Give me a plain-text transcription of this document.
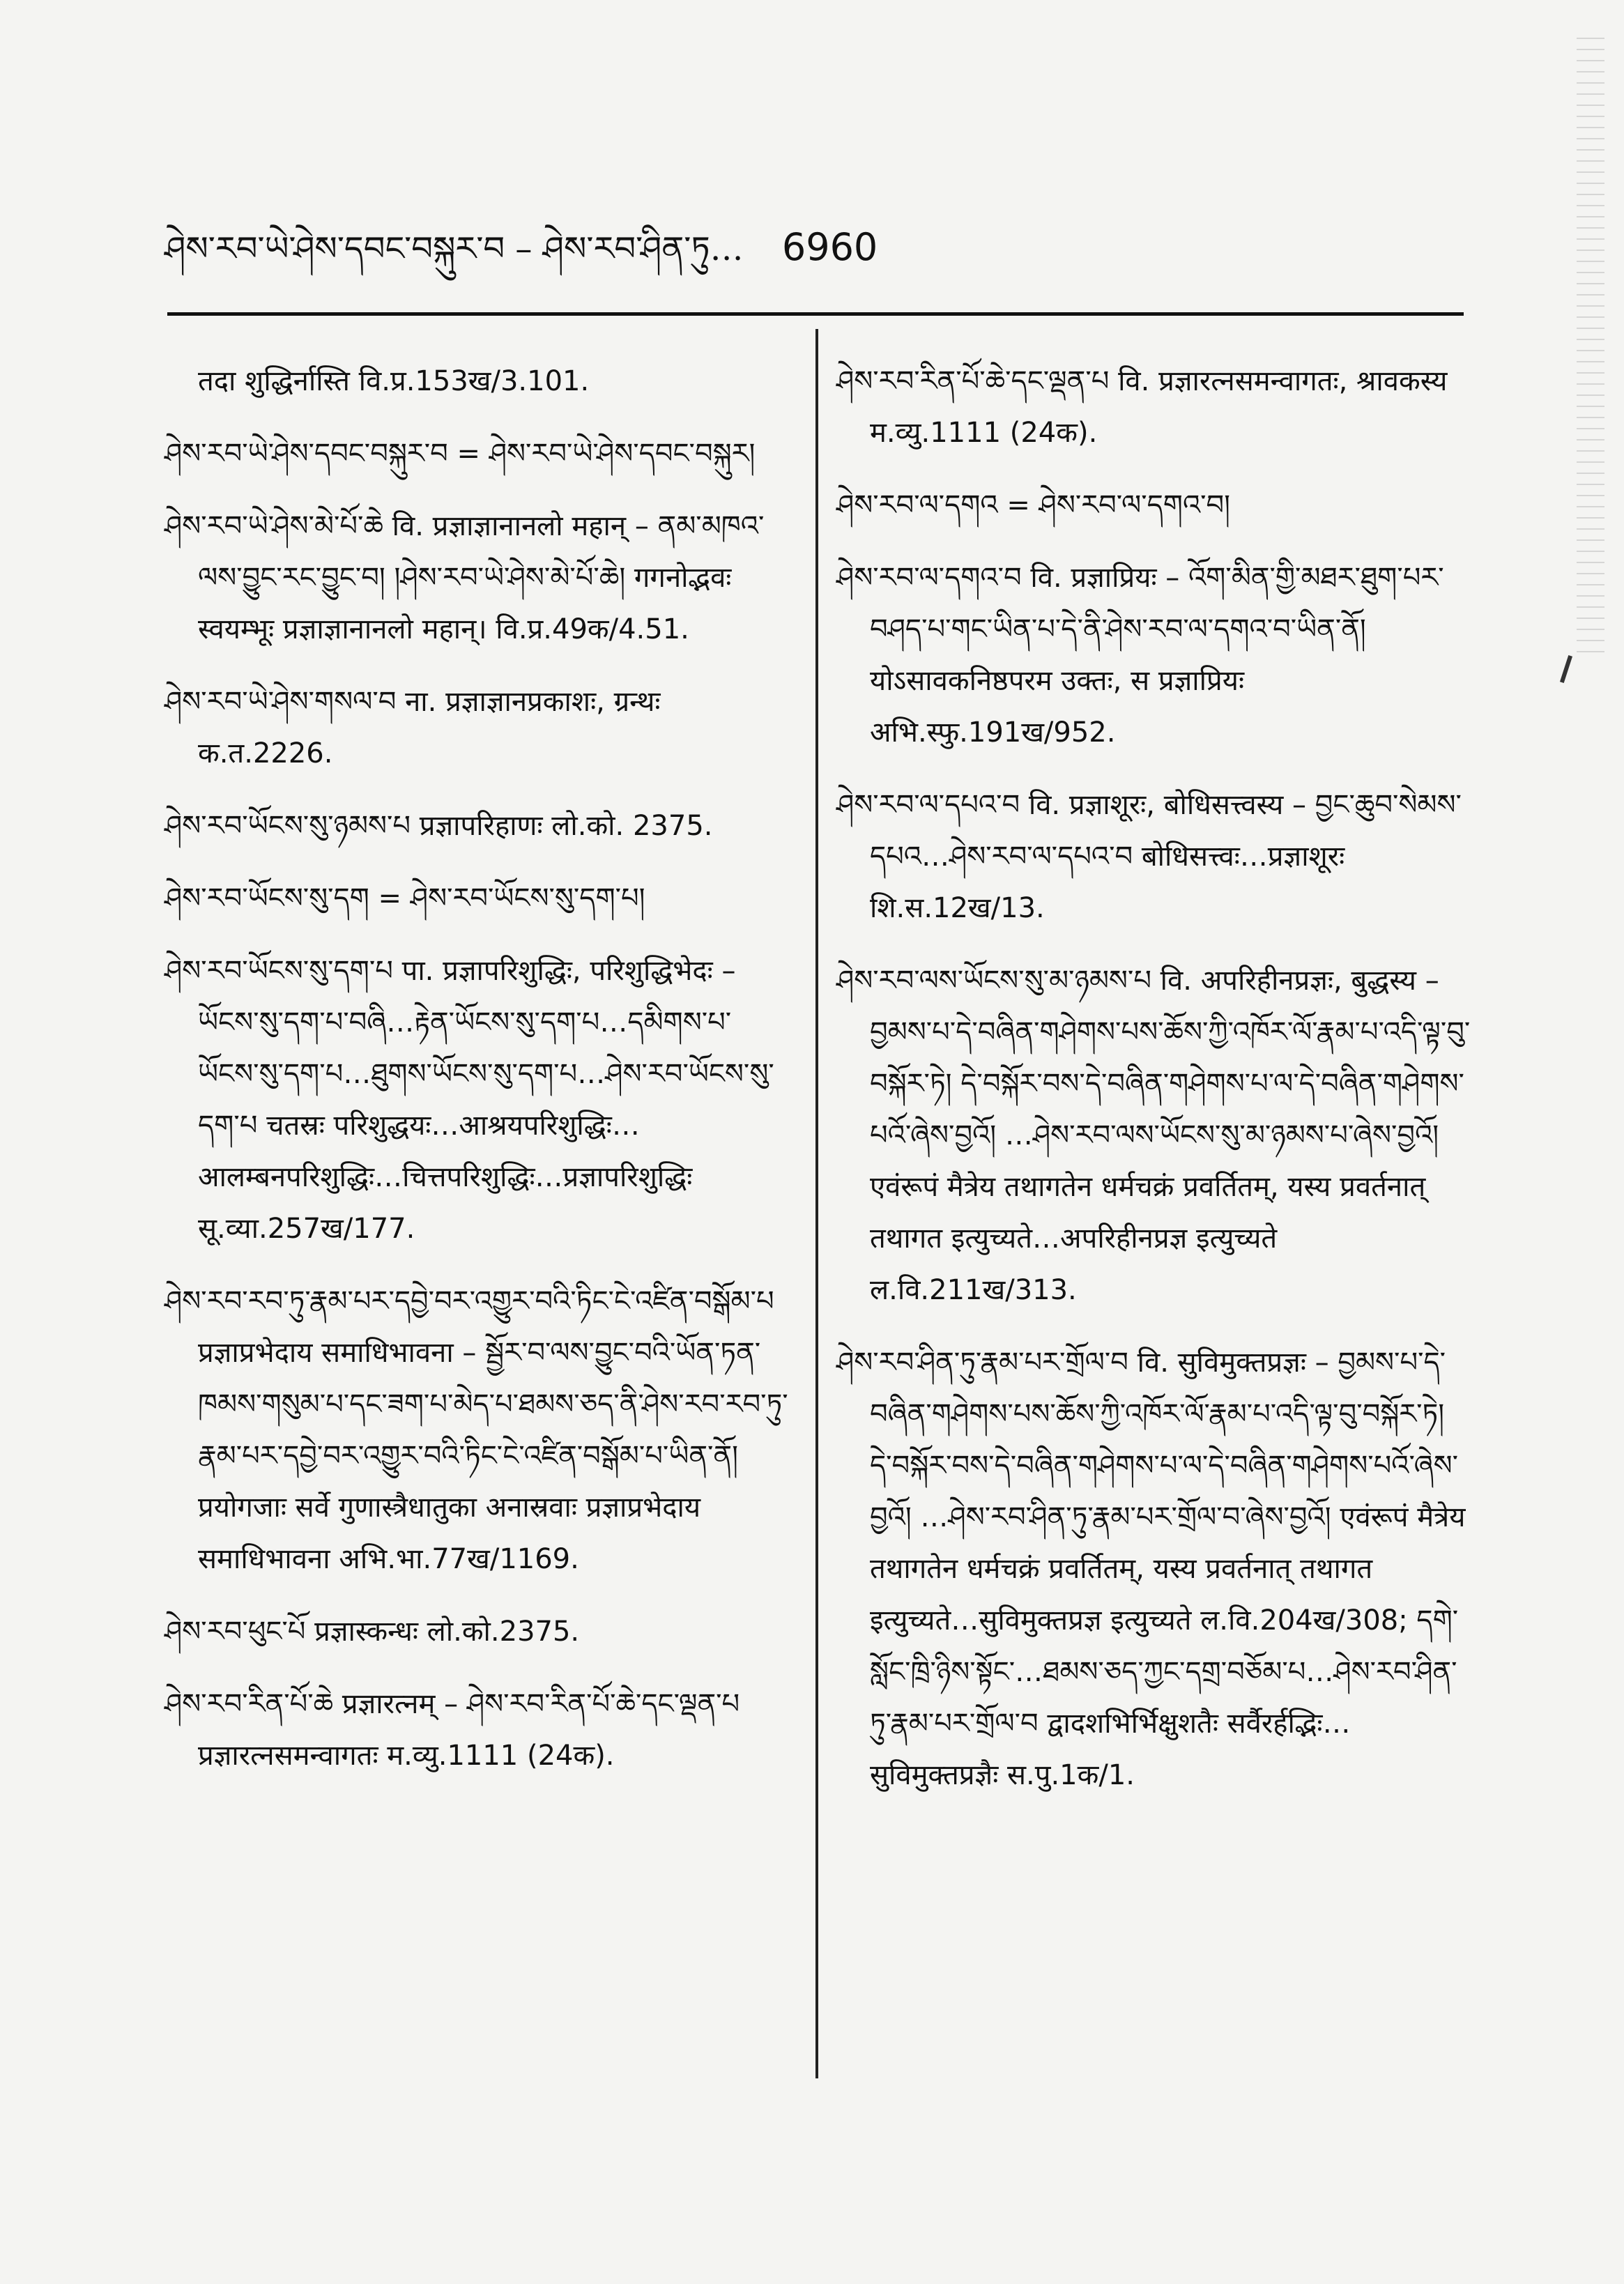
ཤེས་རབ་ཡེ་ཤེས་དབང་བསྐུར་བ – ཤེས་རབ་ཤིན་ཏུ… 6960

तदा शुद्धिर्नास्ति वि.प्र.153ख/3.101.

ཤེས་རབ་ཡེ་ཤེས་དབང་བསྐུར་བ = ཤེས་རབ་ཡེ་ཤེས་དབང་བསྐུར།

ཤེས་རབ་ཡེ་ཤེས་མེ་པོ་ཆེ वि. प्रज्ञाज्ञानानलो महान् – ནམ་མཁའ་ལས་བྱུང་རང་བྱུང་བ། །ཤེས་རབ་ཡེ་ཤེས་མེ་པོ་ཆེ། गगनोद्भवः स्वयम्भूः प्रज्ञाज्ञानानलो महान्। वि.प्र.49क/4.51.

ཤེས་རབ་ཡེ་ཤེས་གསལ་བ ना. प्रज्ञाज्ञानप्रकाशः, ग्रन्थः क.त.2226.

ཤེས་རབ་ཡོངས་སུ་ཉམས་པ प्रज्ञापरिहाणः लो.को. 2375.

ཤེས་རབ་ཡོངས་སུ་དག = ཤེས་རབ་ཡོངས་སུ་དག་པ།

ཤེས་རབ་ཡོངས་སུ་དག་པ पा. प्रज्ञापरिशुद्धिः, परिशुद्धिभेदः – ཡོངས་སུ་དག་པ་བཞི…རྟེན་ཡོངས་སུ་དག་པ…དམིགས་པ་ཡོངས་སུ་དག་པ…ཐུགས་ཡོངས་སུ་དག་པ…ཤེས་རབ་ཡོངས་སུ་དག་པ चतस्रः परिशुद्धयः…आश्रयपरिशुद्धिः…आलम्बनपरिशुद्धिः…चित्तपरिशुद्धिः…प्रज्ञापरिशुद्धिः सू.व्या.257ख/177.

ཤེས་རབ་རབ་ཏུ་རྣམ་པར་དབྱེ་བར་འགྱུར་བའི་ཏིང་ངེ་འཛིན་བསྒོམ་པ प्रज्ञाप्रभेदाय समाधिभावना – སྦྱོར་བ་ལས་བྱུང་བའི་ཡོན་ཏན་ཁམས་གསུམ་པ་དང་ཟག་པ་མེད་པ་ཐམས་ཅད་ནི་ཤེས་རབ་རབ་ཏུ་རྣམ་པར་དབྱེ་བར་འགྱུར་བའི་ཏིང་ངེ་འཛིན་བསྒོམ་པ་ཡིན་ནོ། प्रयोगजाः सर्वे गुणास्त्रैधातुका अनास्रवाः प्रज्ञाप्रभेदाय समाधिभावना अभि.भा.77ख/1169.

ཤེས་རབ་ཕུང་པོ प्रज्ञास्कन्धः लो.को.2375.

ཤེས་རབ་རིན་པོ་ཆེ प्रज्ञारत्नम् – ཤེས་རབ་རིན་པོ་ཆེ་དང་ལྡན་པ प्रज्ञारत्नसमन्वागतः म.व्यु.1111 (24क).

ཤེས་རབ་རིན་པོ་ཆེ་དང་ལྡན་པ वि. प्रज्ञारत्नसमन्वागतः, श्रावकस्य म.व्यु.1111 (24क).

ཤེས་རབ་ལ་དགའ = ཤེས་རབ་ལ་དགའ་བ།

ཤེས་རབ་ལ་དགའ་བ वि. प्रज्ञाप्रियः – འོག་མིན་གྱི་མཐར་ཐུག་པར་བཤད་པ་གང་ཡིན་པ་དེ་ནི་ཤེས་རབ་ལ་དགའ་བ་ཡིན་ནོ། योऽसावकनिष्ठपरम उक्तः, स प्रज्ञाप्रियः अभि.स्फु.191ख/952.

ཤེས་རབ་ལ་དཔའ་བ वि. प्रज्ञाशूरः, बोधिसत्त्वस्य – བྱང་ཆུབ་སེམས་དཔའ…ཤེས་རབ་ལ་དཔའ་བ बोधिसत्त्वः…प्रज्ञाशूरः शि.स.12ख/13.

ཤེས་རབ་ལས་ཡོངས་སུ་མ་ཉམས་པ वि. अपरिहीनप्रज्ञः, बुद्धस्य – བྱམས་པ་དེ་བཞིན་གཤེགས་པས་ཆོས་ཀྱི་འཁོར་ལོ་རྣམ་པ་འདི་ལྟ་བུ་བསྐོར་ཏེ། དེ་བསྐོར་བས་དེ་བཞིན་གཤེགས་པ་ལ་དེ་བཞིན་གཤེགས་པའོ་ཞེས་བྱའོ། …ཤེས་རབ་ལས་ཡོངས་སུ་མ་ཉམས་པ་ཞེས་བྱའོ། एवंरूपं मैत्रेय तथागतेन धर्मचक्रं प्रवर्तितम्, यस्य प्रवर्तनात् तथागत इत्युच्यते…अपरिहीनप्रज्ञ इत्युच्यते ल.वि.211ख/313.

ཤེས་རབ་ཤིན་ཏུ་རྣམ་པར་གྲོལ་བ वि. सुविमुक्तप्रज्ञः – བྱམས་པ་དེ་བཞིན་གཤེགས་པས་ཆོས་ཀྱི་འཁོར་ལོ་རྣམ་པ་འདི་ལྟ་བུ་བསྐོར་ཏེ། དེ་བསྐོར་བས་དེ་བཞིན་གཤེགས་པ་ལ་དེ་བཞིན་གཤེགས་པའོ་ཞེས་བྱའོ། …ཤེས་རབ་ཤིན་ཏུ་རྣམ་པར་གྲོལ་བ་ཞེས་བྱའོ། एवंरूपं मैत्रेय तथागतेन धर्मचक्रं प्रवर्तितम्, यस्य प्रवर्तनात् तथागत इत्युच्यते…सुविमुक्तप्रज्ञ इत्युच्यते ल.वि.204ख/308; དགེ་སློང་ཁྲི་ཉིས་སྟོང་…ཐམས་ཅད་ཀྱང་དགྲ་བཅོམ་པ…ཤེས་རབ་ཤིན་ཏུ་རྣམ་པར་གྲོལ་བ द्वादशभिर्भिक्षुशतैः सर्वैरर्हद्भिः…सुविमुक्तप्रज्ञैः स.पु.1क/1.
